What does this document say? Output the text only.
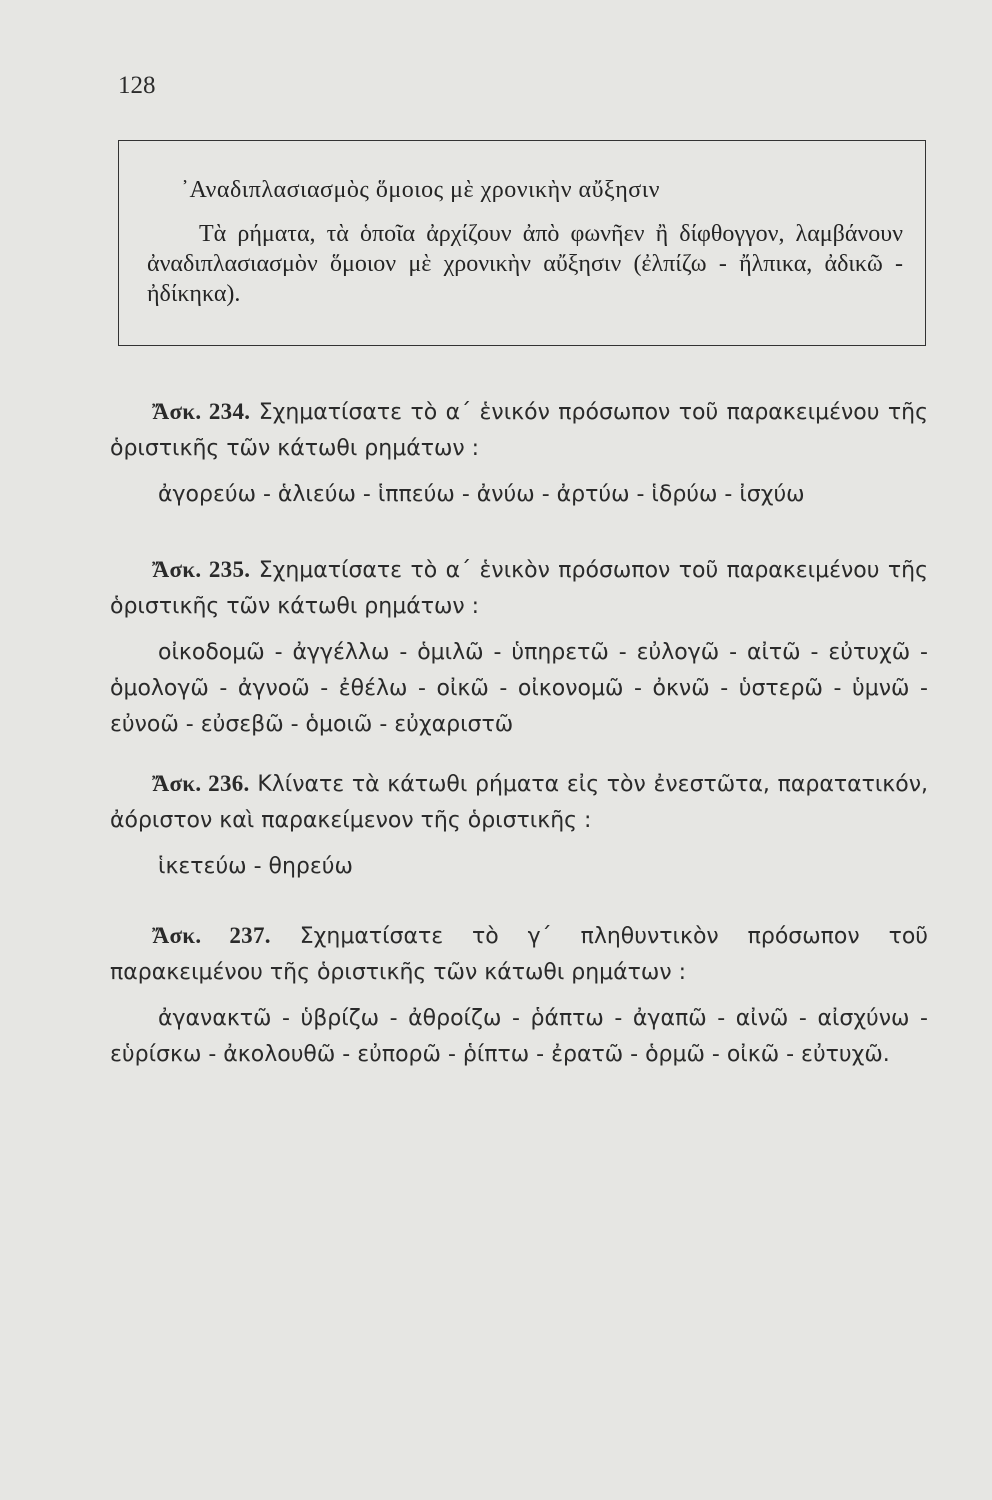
128
᾿Αναδιπλασιασμὸς ὅμοιος μὲ χρονικὴν αὔξησιν
Τὰ ρήματα, τὰ ὁποῖα ἀρχίζουν ἀπὸ φωνῆεν ἢ δίφθογγον, λαμβάνουν ἀναδιπλασιασμὸν ὅμοιον μὲ χρονικὴν αὔξησιν (ἐλπίζω - ἤλπικα, ἀδικῶ - ἠδίκηκα).
Ἄσκ. 234. Σχηματίσατε τὸ α΄ ἑνικόν πρόσωπον τοῦ παρακειμένου τῆς ὁριστικῆς τῶν κάτωθι ρημάτων :
ἀγορεύω - ἁλιεύω - ἱππεύω - ἀνύω - ἀρτύω - ἱδρύω - ἰσχύω
Ἄσκ. 235. Σχηματίσατε τὸ α΄ ἑνικὸν πρόσωπον τοῦ παρακειμένου τῆς ὁριστικῆς τῶν κάτωθι ρημάτων :
οἰκοδομῶ - ἀγγέλλω - ὁμιλῶ - ὑπηρετῶ - εὐλογῶ - αἰτῶ - εὐτυχῶ - ὁμολογῶ - ἀγνοῶ - ἐθέλω - οἰκῶ - οἰκονομῶ - ὀκνῶ - ὑστερῶ - ὑμνῶ - εὐνοῶ - εὐσεβῶ - ὁμοιῶ - εὐχαριστῶ
Ἄσκ. 236. Κλίνατε τὰ κάτωθι ρήματα εἰς τὸν ἐνεστῶτα, παρατατικόν, ἀόριστον καὶ παρακείμενον τῆς ὁριστικῆς :
ἱκετεύω - θηρεύω
Ἄσκ. 237. Σχηματίσατε τὸ γ΄ πληθυντικὸν πρόσωπον τοῦ παρακειμένου τῆς ὁριστικῆς τῶν κάτωθι ρημάτων :
ἀγανακτῶ - ὑβρίζω - ἀθροίζω - ῥάπτω - ἀγαπῶ - αἰνῶ - αἰσχύνω - εὑρίσκω - ἀκολουθῶ - εὐπορῶ - ῥίπτω - ἐρατῶ - ὁρμῶ - οἰκῶ - εὐτυχῶ.
